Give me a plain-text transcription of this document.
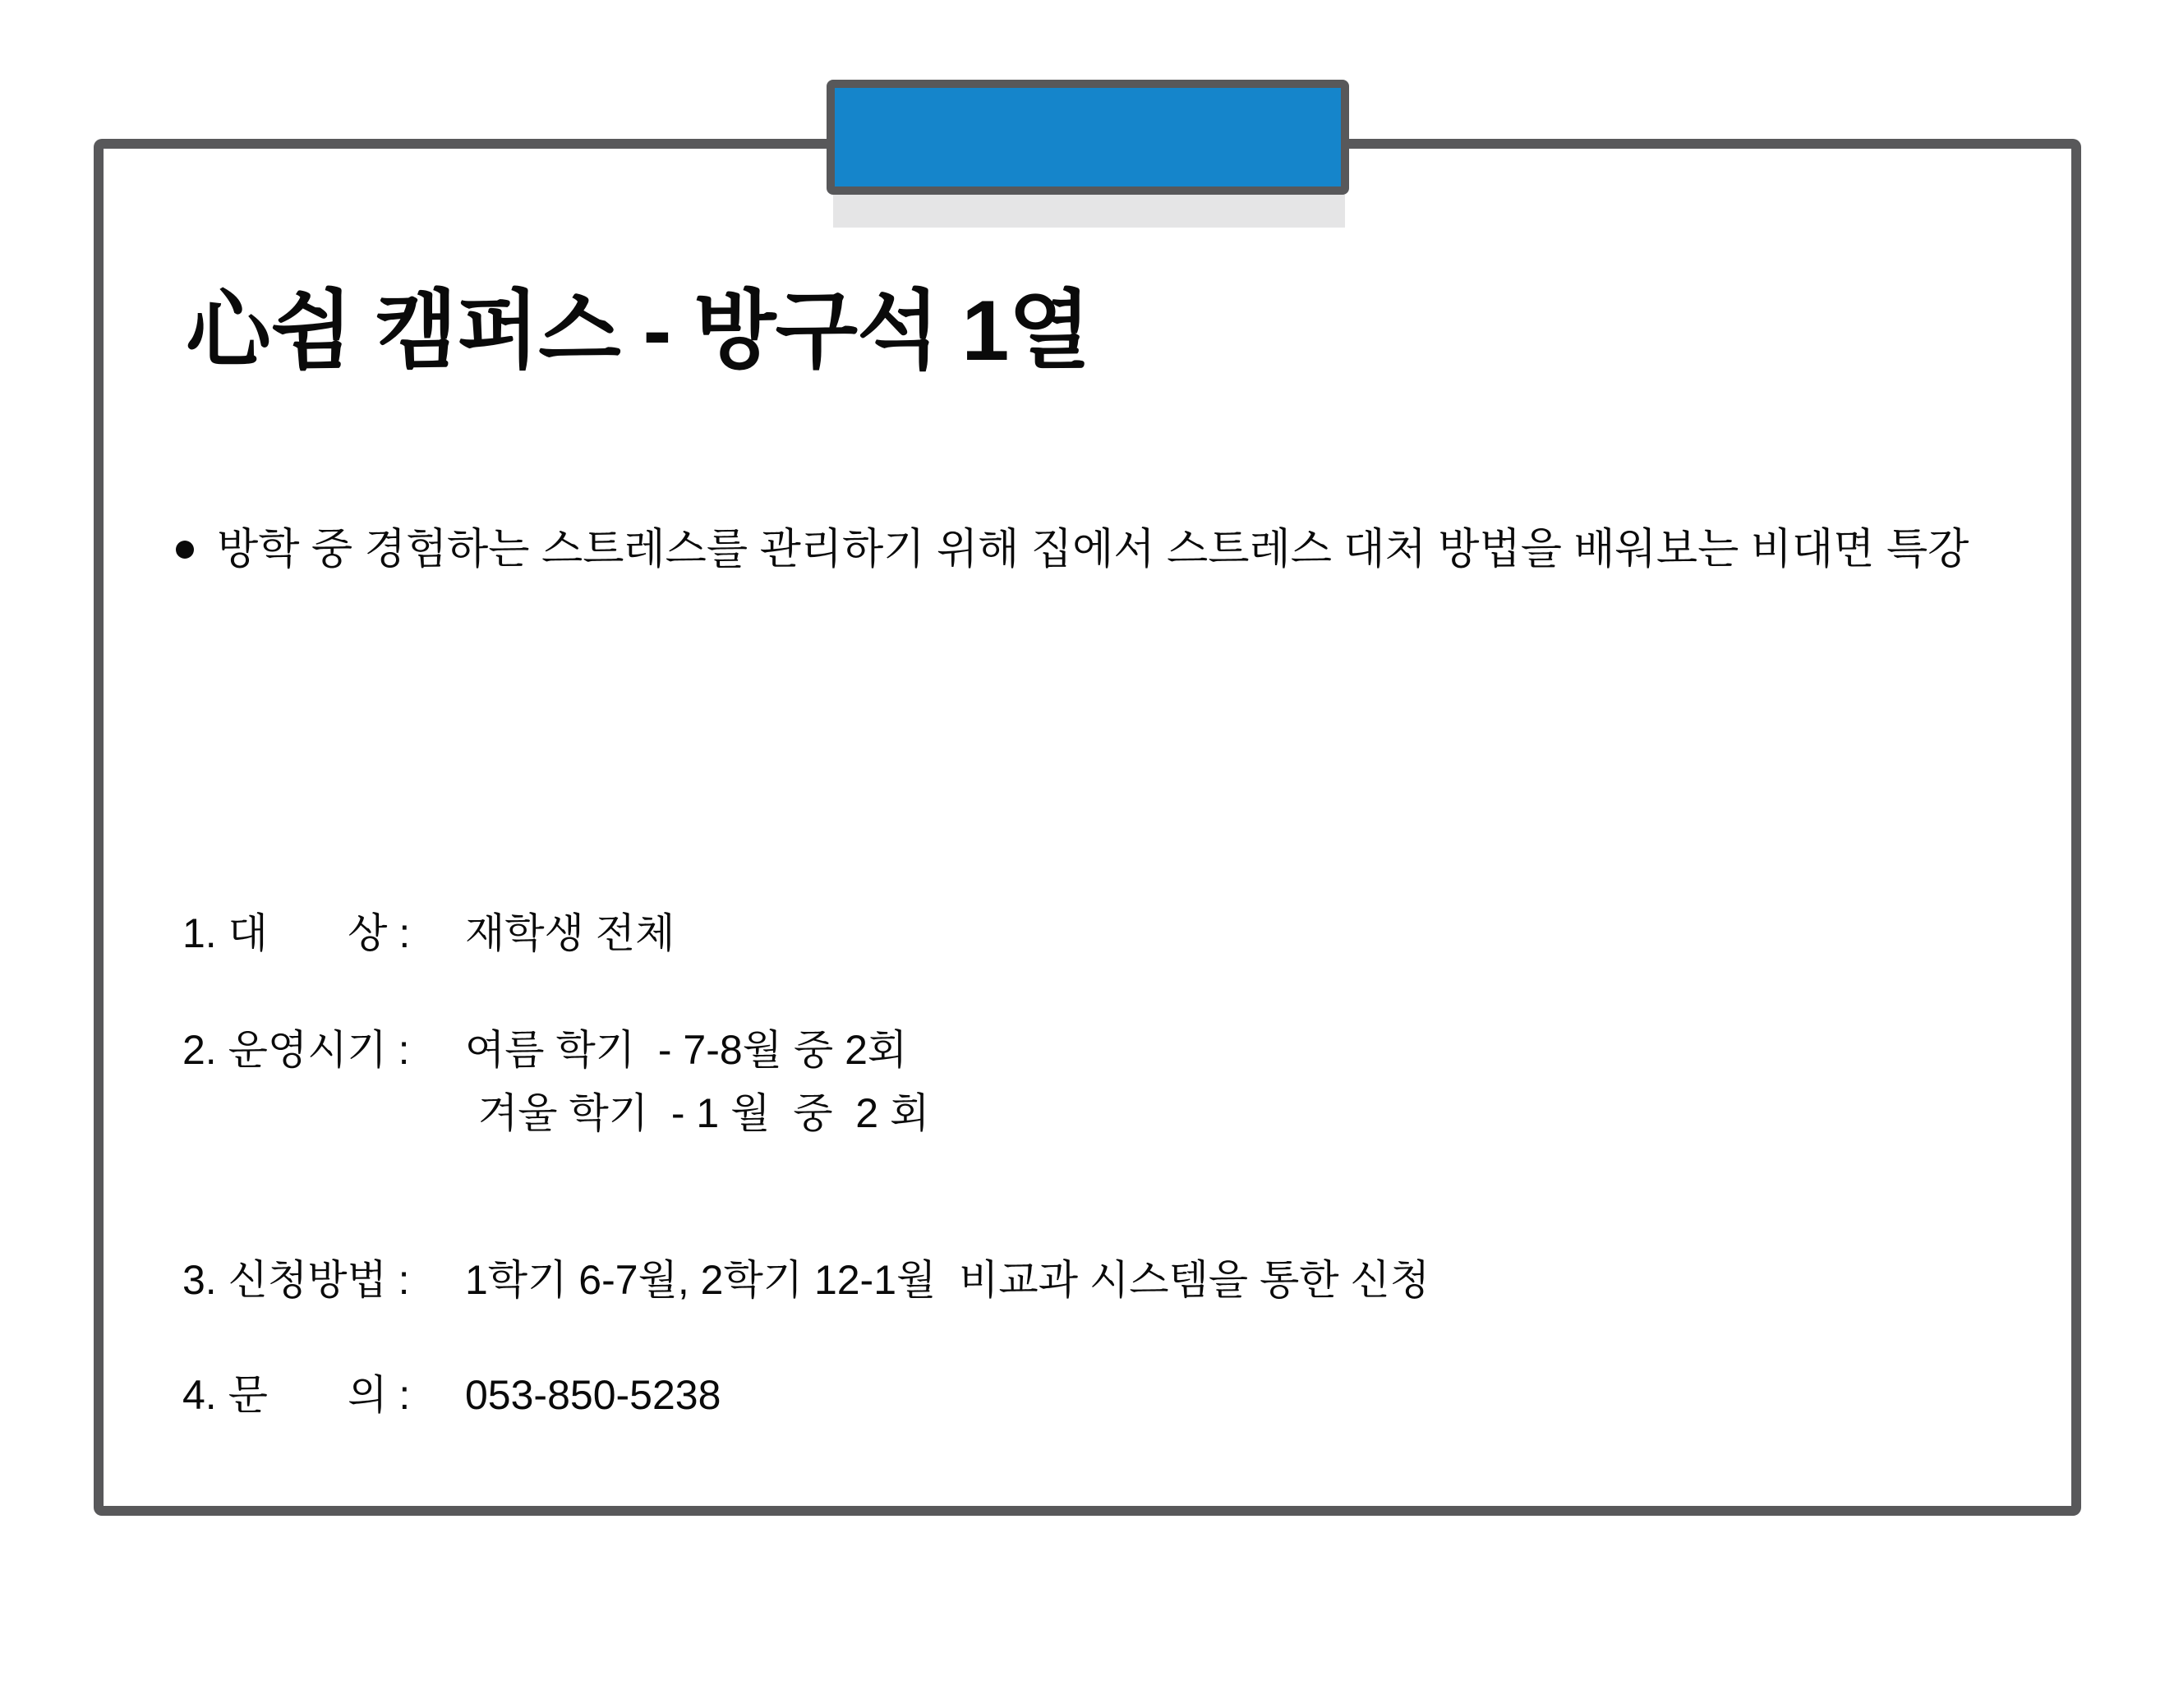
心쉼 캠퍼스 - 방구석 1열
방학 중 경험하는 스트레스를 관리하기 위해 집에서 스트레스 대처 방법을 배워보는 비대면 특강
1. 대       상 : 재학생 전체
2. 운영시기 : 여름 학기  - 7-8월 중 2회
겨울 학기  - 1 월  중  2 회
3. 신청방법 : 1학기 6-7월, 2학기 12-1월  비교과 시스템을 통한 신청
4. 문       의 : 053-850-5238
